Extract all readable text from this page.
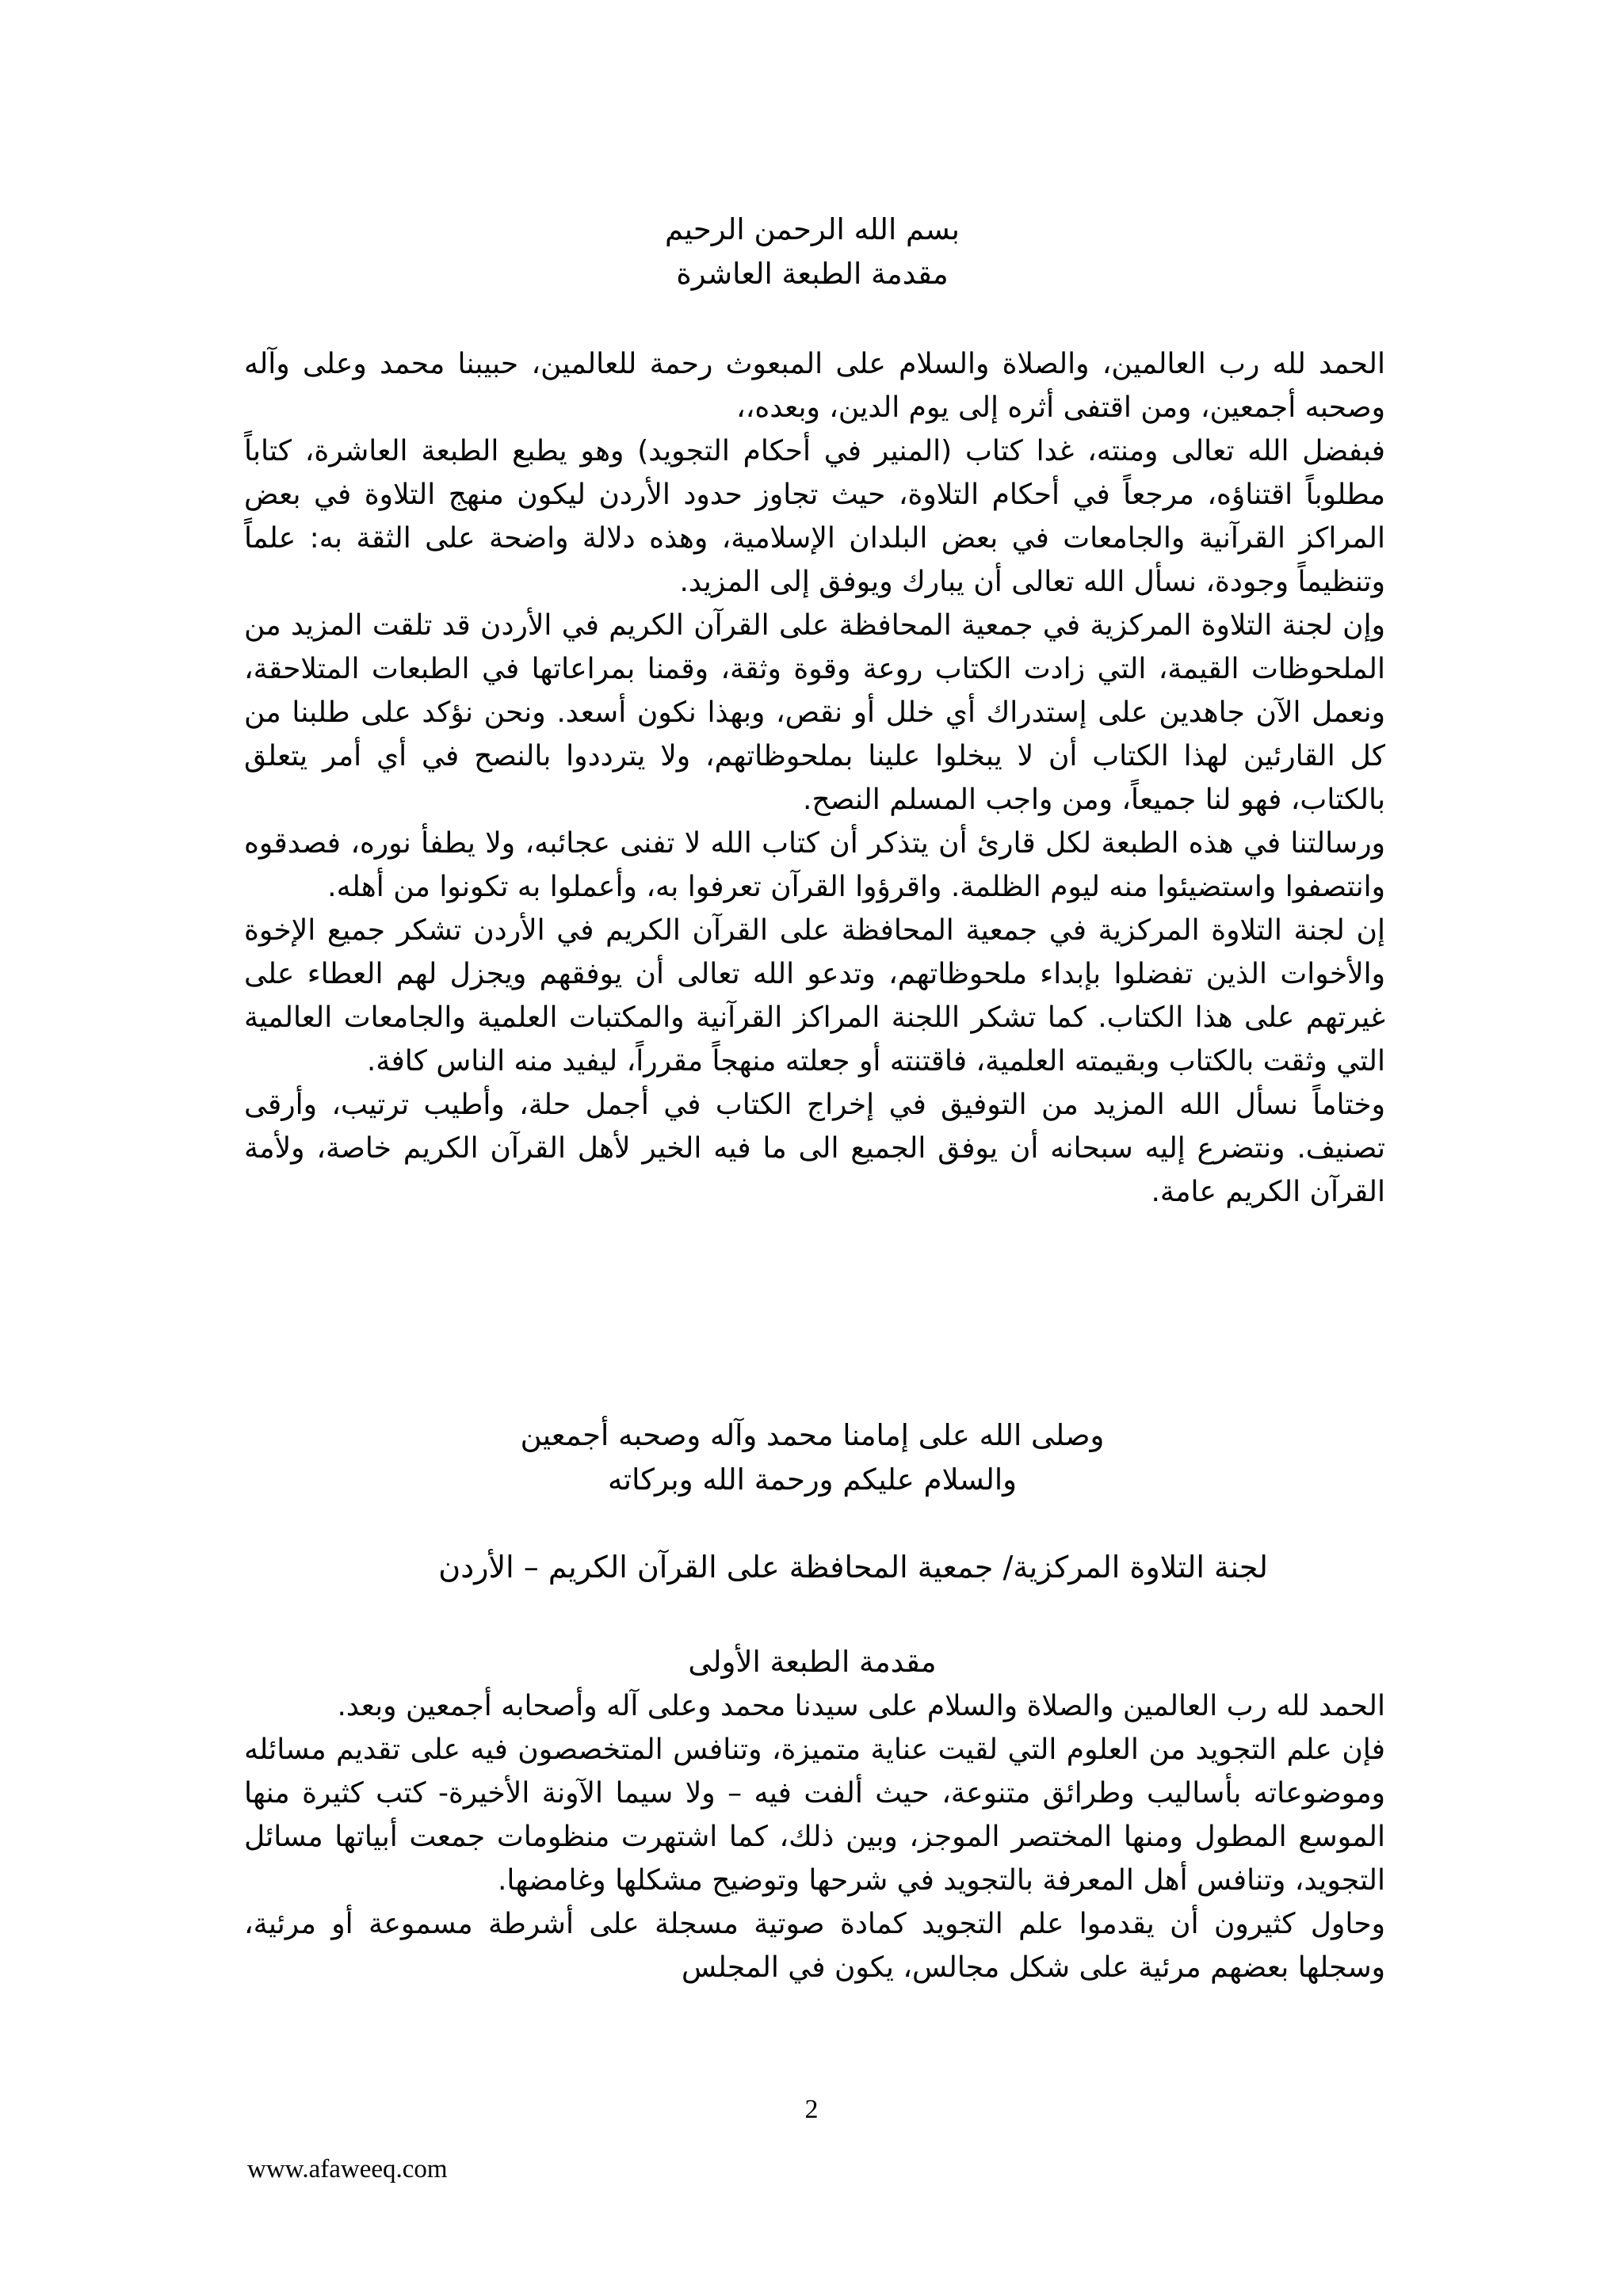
بسم الله الرحمن الرحيم
مقدمة الطبعة العاشرة

الحمد لله رب العالمين، والصلاة والسلام على المبعوث رحمة للعالمين، حبيبنا محمد وعلى وآله وصحبه أجمعين، ومن اقتفى أثره إلى يوم الدين، وبعده،،

فبفضل الله تعالى ومنته، غدا كتاب (المنير في أحكام التجويد) وهو يطبع الطبعة العاشرة، كتاباً مطلوباً اقتناؤه، مرجعاً في أحكام التلاوة، حيث تجاوز حدود الأردن ليكون منهج التلاوة في بعض المراكز القرآنية والجامعات في بعض البلدان الإسلامية، وهذه دلالة واضحة على الثقة به: علماً وتنظيماً وجودة، نسأل الله تعالى أن يبارك ويوفق إلى المزيد.

وإن لجنة التلاوة المركزية في جمعية المحافظة على القرآن الكريم في الأردن قد تلقت المزيد من الملحوظات القيمة، التي زادت الكتاب روعة وقوة وثقة، وقمنا بمراعاتها في الطبعات المتلاحقة، ونعمل الآن جاهدين على إستدراك أي خلل أو نقص، وبهذا نكون أسعد. ونحن نؤكد على طلبنا من كل القارئين لهذا الكتاب أن لا يبخلوا علينا بملحوظاتهم، ولا يترددوا بالنصح في أي أمر يتعلق بالكتاب، فهو لنا جميعاً، ومن واجب المسلم النصح.

ورسالتنا في هذه الطبعة لكل قارئ أن يتذكر أن كتاب الله لا تفنى عجائبه، ولا يطفأ نوره، فصدقوه وانتصفوا واستضيئوا منه ليوم الظلمة. واقرؤوا القرآن تعرفوا به، وأعملوا به تكونوا من أهله.

إن لجنة التلاوة المركزية في جمعية المحافظة على القرآن الكريم في الأردن تشكر جميع الإخوة والأخوات الذين تفضلوا بإبداء ملحوظاتهم، وتدعو الله تعالى أن يوفقهم ويجزل لهم العطاء على غيرتهم على هذا الكتاب. كما تشكر اللجنة المراكز القرآنية والمكتبات العلمية والجامعات العالمية التي وثقت بالكتاب وبقيمته العلمية، فاقتنته أو جعلته منهجاً مقرراً، ليفيد منه الناس كافة.

وختاماً نسأل الله المزيد من التوفيق في إخراج الكتاب في أجمل حلة، وأطيب ترتيب، وأرقى تصنيف. ونتضرع إليه سبحانه أن يوفق الجميع الى ما فيه الخير لأهل القرآن الكريم خاصة، ولأمة القرآن الكريم عامة.

وصلى الله على إمامنا محمد وآله وصحبه أجمعين
والسلام عليكم ورحمة الله وبركاته
لجنة التلاوة المركزية/ جمعية المحافظة على القرآن الكريم – الأردن
مقدمة الطبعة الأولى

الحمد لله رب العالمين والصلاة والسلام على سيدنا محمد وعلى آله وأصحابه أجمعين وبعد.

فإن علم التجويد من العلوم التي لقيت عناية متميزة، وتنافس المتخصصون فيه على تقديم مسائله وموضوعاته بأساليب وطرائق متنوعة، حيث ألفت فيه – ولا سيما الآونة الأخيرة- كتب كثيرة منها الموسع المطول ومنها المختصر الموجز، وبين ذلك، كما اشتهرت منظومات جمعت أبياتها مسائل التجويد، وتنافس أهل المعرفة بالتجويد في شرحها وتوضيح مشكلها وغامضها.

وحاول كثيرون أن يقدموا علم التجويد كمادة صوتية مسجلة على أشرطة مسموعة أو مرئية، وسجلها بعضهم مرئية على شكل مجالس، يكون في المجلس

2
www.afaweeq.com
